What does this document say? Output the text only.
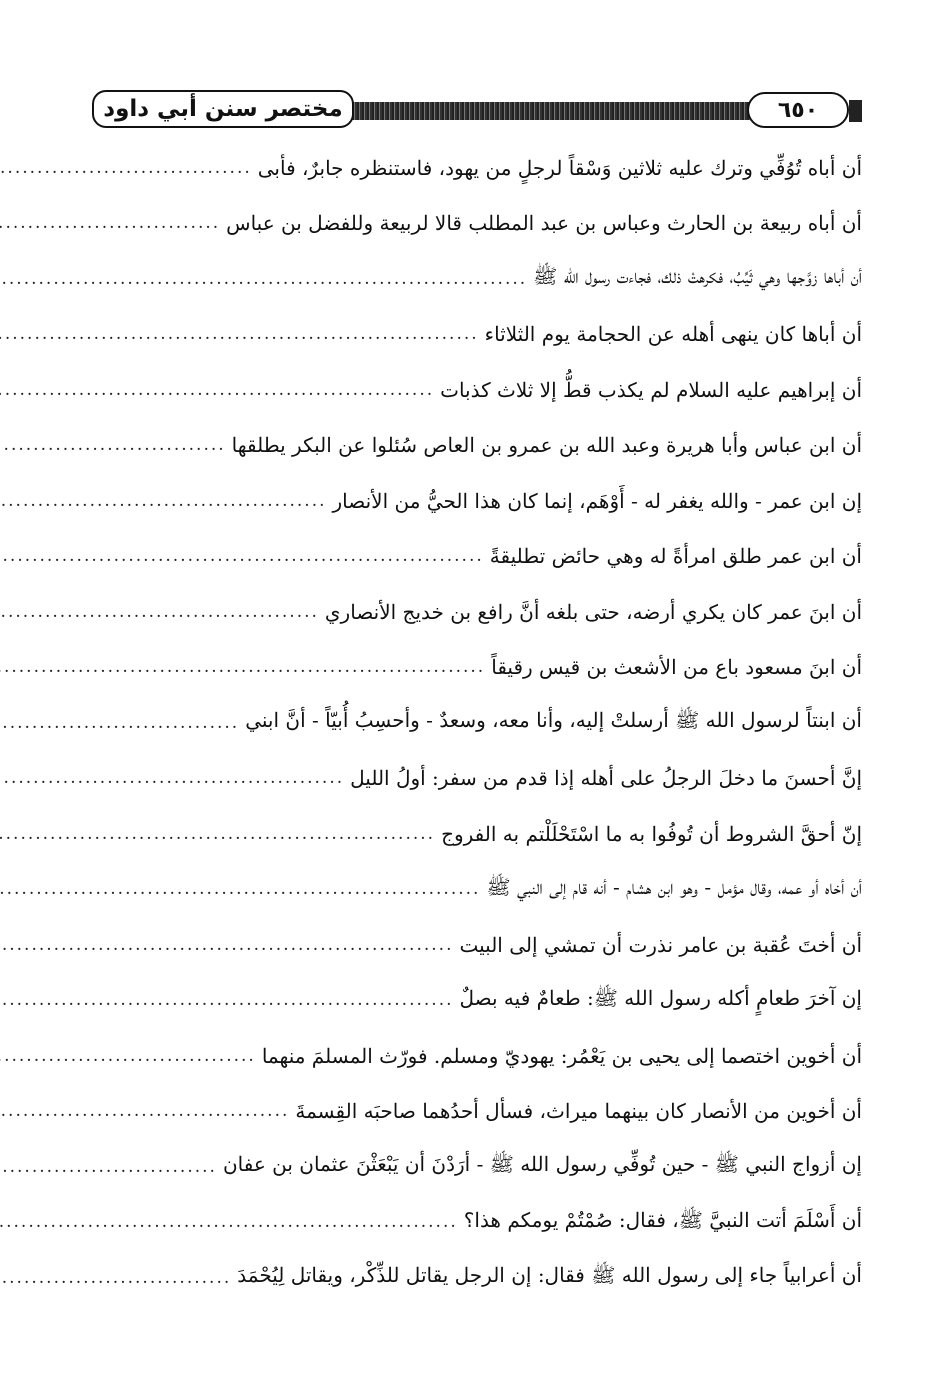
مختصر سنن أبي داود	٦٥٠
أن أباه تُوُفِّي وترك عليه ثلاثين وَسْقاً لرجلٍ من يهود، فاستنظره جابرٌ، فأبى
.....
أن أباه ربيعة بن الحارث وعباس بن عبد المطلب قالا لربيعة وللفضل بن عباس
.....
أن أباها زوَّجها وهي ثَيِّبُ، فكرهتْ ذلك، فجاءت رسول الله ﷺ
.....
أن أباها كان ينهى أهله عن الحجامة يوم الثلاثاء
.....
أن إبراهيم عليه السلام لم يكذب قطُّ إلا ثلاث كذبات
.....
أن ابن عباس وأبا هريرة وعبد الله بن عمرو بن العاص سُئلوا عن البكر يطلقها
.....
إن ابن عمر - والله يغفر له - أَوْهَم، إنما كان هذا الحيُّ من الأنصار
.....
أن ابن عمر طلق امرأةً له وهي حائض تطليقةً
.....
أن ابنَ عمر كان يكري أرضه، حتى بلغه أنَّ رافع بن خديج الأنصاري
.....
أن ابنَ مسعود باع من الأشعث بن قيس رقيقاً
.....
أن ابنتاً لرسول الله ﷺ أرسلتْ إليه، وأنا معه، وسعدٌ - وأحسِبُ أُبيّاً - أنَّ ابني
.....
إنَّ أحسنَ ما دخلَ الرجلُ على أهله إذا قدم من سفر: أولُ الليل
.....
إنّ أحقَّ الشروط أن تُوفُوا به ما اسْتَحْلَلْتم به الفروج
.....
أن أخاه أو عمه، وقال مؤمل - وهو ابن هشام - أنه قام إلى النبي ﷺ
.....
أن أختَ عُقبة بن عامر نذرت أن تمشي إلى البيت
.....
إن آخرَ طعامٍ أكله رسول الله ﷺ: طعامٌ فيه بصلٌ
.....
أن أخوين اختصما إلى يحيى بن يَعْمُر: يهوديّ ومسلم. فورّث المسلمَ منهما
.....
أن أخوين من الأنصار كان بينهما ميراث، فسأل أحدُهما صاحبَه القِسمةَ
.....
إن أزواج النبي ﷺ - حين تُوفِّي رسول الله ﷺ - أرَدْنَ أن يَبْعَثْنَ عثمان بن عفان
.....
أن أَسْلَمَ أتت النبيَّ ﷺ، فقال: صُمْتُمْ يومكم هذا؟
.....
أن أعرابياً جاء إلى رسول الله ﷺ فقال: إن الرجل يقاتل للذِّكْر، ويقاتل لِيُحْمَدَ
.....
